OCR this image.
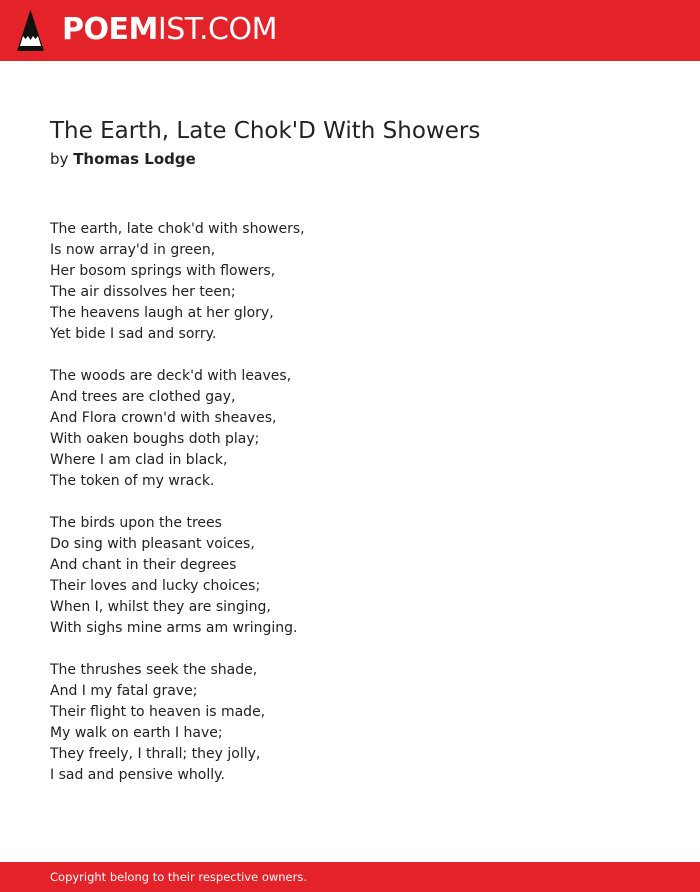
POEMIST.COM
The Earth, Late Chok'D With Showers
by Thomas Lodge
The earth, late chok'd with showers,
Is now array'd in green,
Her bosom springs with flowers,
The air dissolves her teen;
The heavens laugh at her glory,
Yet bide I sad and sorry.
The woods are deck'd with leaves,
And trees are clothed gay,
And Flora crown'd with sheaves,
With oaken boughs doth play;
Where I am clad in black,
The token of my wrack.
The birds upon the trees
Do sing with pleasant voices,
And chant in their degrees
Their loves and lucky choices;
When I, whilst they are singing,
With sighs mine arms am wringing.
The thrushes seek the shade,
And I my fatal grave;
Their flight to heaven is made,
My walk on earth I have;
They freely, I thrall; they jolly,
I sad and pensive wholly.
Copyright belong to their respective owners.
